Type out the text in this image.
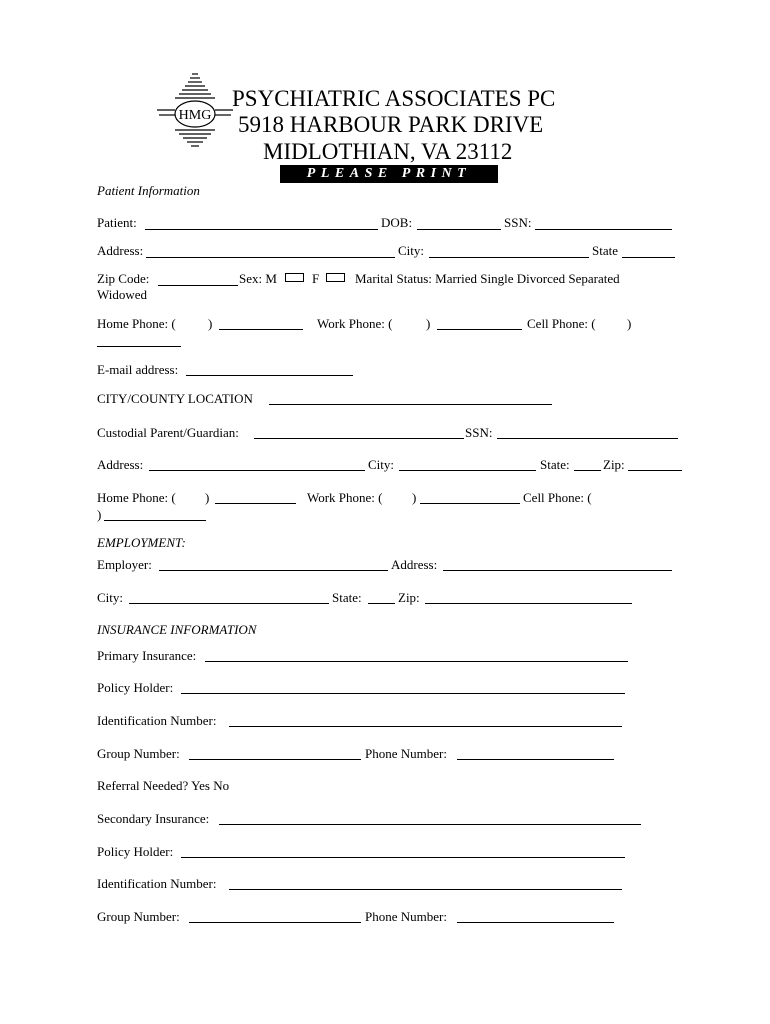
HMG
PSYCHIATRIC ASSOCIATES PC
5918 HARBOUR PARK DRIVE
MIDLOTHIAN, VA 23112
PLEASE PRINT
Patient Information
Patient:	DOB:	SSN:
Address:	City:	State
Zip Code:	Sex: M	F	Marital Status: Married Single Divorced Separated
Widowed
Home Phone: ( )	Work Phone: (	)	Cell Phone: ( )
E-mail address:
CITY/COUNTY LOCATION
Custodial Parent/Guardian:	SSN:
Address:	City:	State:	Zip:
Home Phone: ( )	Work Phone: ( )	Cell Phone: (
)
EMPLOYMENT:
Employer:	Address:
City:	State:	Zip:
INSURANCE INFORMATION
Primary Insurance:
Policy Holder:
Identification Number:
Group Number:	Phone Number:
Referral Needed? Yes No
Secondary Insurance:
Policy Holder:
Identification Number:
Group Number:	Phone Number:
